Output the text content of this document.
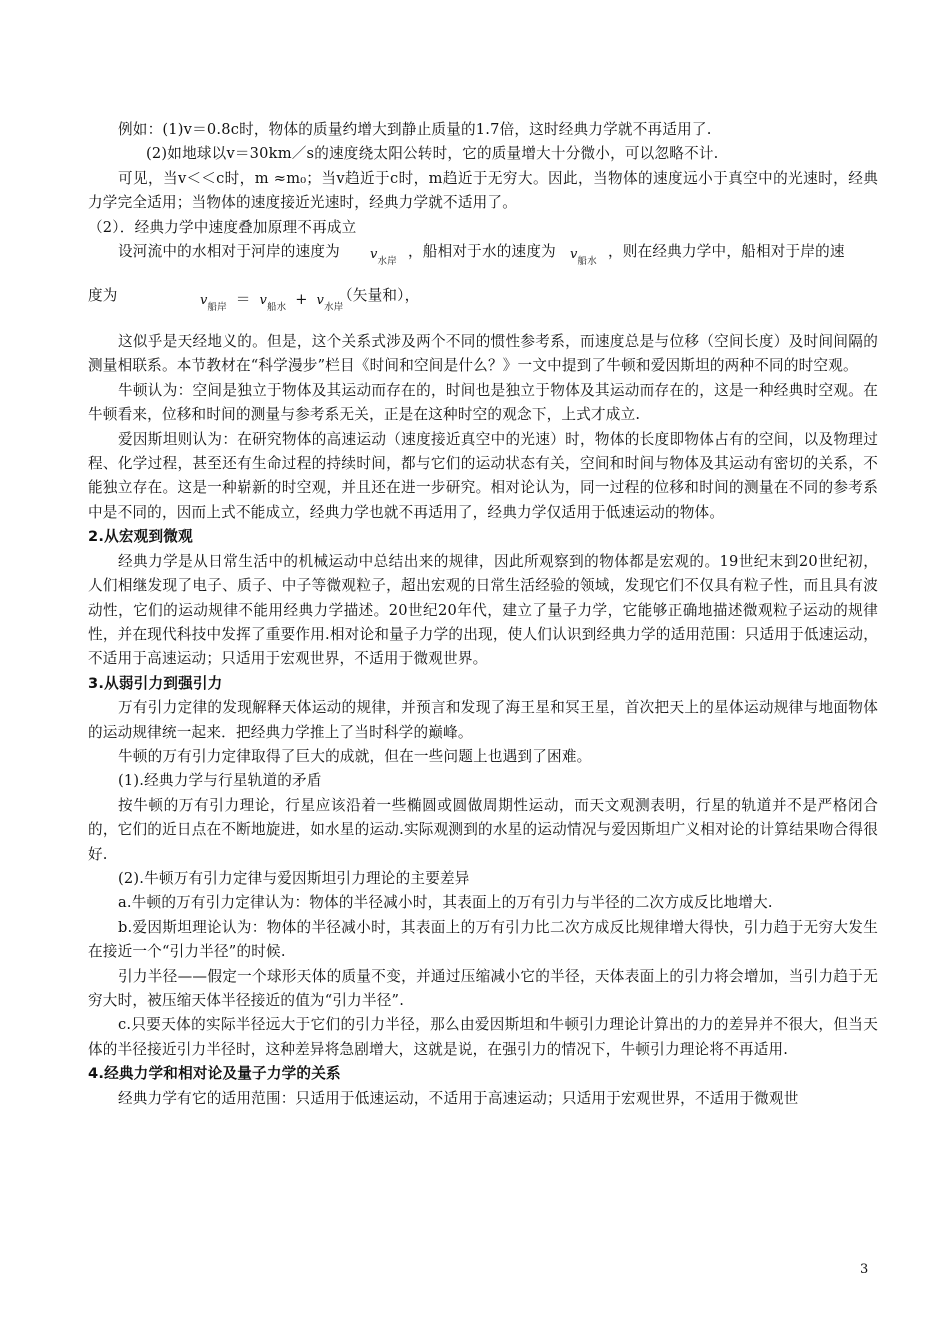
例如：(1)v＝0.8c时，物体的质量约增大到静止质量的1.7倍，这时经典力学就不再适用了.

(2)如地球以v＝30km／s的速度绕太阳公转时，它的质量增大十分微小，可以忽略不计.

可见，当v＜＜c时，m ≈m₀；当v趋近于c时，m趋近于无穷大。因此，当物体的速度远小于真空中的光速时，经典力学完全适用；当物体的速度接近光速时，经典力学就不适用了。

（2）．经典力学中速度叠加原理不再成立

设河流中的水相对于河岸的速度为 $v_{水岸}$
，船相对于水的速度为 $v_{船水}$
，则在经典力学中，船相对于岸的速
度为	$v_{船岸} = v_{船水} + v_{水岸}$
（矢量和），

这似乎是天经地义的。但是，这个关系式涉及两个不同的惯性参考系，而速度总是与位移（空间长度）及时间间隔的测量相联系。本节教材在“科学漫步”栏目《时间和空间是什么？》一文中提到了牛顿和爱因斯坦的两种不同的时空观。

牛顿认为：空间是独立于物体及其运动而存在的，时间也是独立于物体及其运动而存在的，这是一种经典时空观。在牛顿看来，位移和时间的测量与参考系无关，正是在这种时空的观念下，上式才成立.

爱因斯坦则认为：在研究物体的高速运动（速度接近真空中的光速）时，物体的长度即物体占有的空间，以及物理过程、化学过程，甚至还有生命过程的持续时间，都与它们的运动状态有关，空间和时间与物体及其运动有密切的关系，不能独立存在。这是一种崭新的时空观，并且还在进一步研究。相对论认为，同一过程的位移和时间的测量在不同的参考系中是不同的，因而上式不能成立，经典力学也就不再适用了，经典力学仅适用于低速运动的物体。

2.从宏观到微观

经典力学是从日常生活中的机械运动中总结出来的规律，因此所观察到的物体都是宏观的。19世纪末到20世纪初，人们相继发现了电子、质子、中子等微观粒子，超出宏观的日常生活经验的领域，发现它们不仅具有粒子性，而且具有波动性，它们的运动规律不能用经典力学描述。20世纪20年代，建立了量子力学，它能够正确地描述微观粒子运动的规律性，并在现代科技中发挥了重要作用.相对论和量子力学的出现，使人们认识到经典力学的适用范围：只适用于低速运动，不适用于高速运动；只适用于宏观世界，不适用于微观世界。

3.从弱引力到强引力

万有引力定律的发现解释天体运动的规律，并预言和发现了海王星和冥王星，首次把天上的星体运动规律与地面物体的运动规律统一起来．把经典力学推上了当时科学的巅峰。

牛顿的万有引力定律取得了巨大的成就，但在一些问题上也遇到了困难。

(1).经典力学与行星轨道的矛盾

按牛顿的万有引力理论，行星应该沿着一些椭圆或圆做周期性运动，而天文观测表明，行星的轨道并不是严格闭合的，它们的近日点在不断地旋进，如水星的运动.实际观测到的水星的运动情况与爱因斯坦广义相对论的计算结果吻合得很好.

(2).牛顿万有引力定律与爱因斯坦引力理论的主要差异

a.牛顿的万有引力定律认为：物体的半径减小时，其表面上的万有引力与半径的二次方成反比地增大.

b.爱因斯坦理论认为：物体的半径减小时，其表面上的万有引力比二次方成反比规律增大得快，引力趋于无穷大发生在接近一个“引力半径”的时候.

引力半径——假定一个球形天体的质量不变，并通过压缩减小它的半径，天体表面上的引力将会增加，当引力趋于无穷大时，被压缩天体半径接近的值为“引力半径”.

c.只要天体的实际半径远大于它们的引力半径，那么由爱因斯坦和牛顿引力理论计算出的力的差异并不很大，但当天体的半径接近引力半径时，这种差异将急剧增大，这就是说，在强引力的情况下，牛顿引力理论将不再适用.

4.经典力学和相对论及量子力学的关系

经典力学有它的适用范围：只适用于低速运动，不适用于高速运动；只适用于宏观世界，不适用于微观世

3
